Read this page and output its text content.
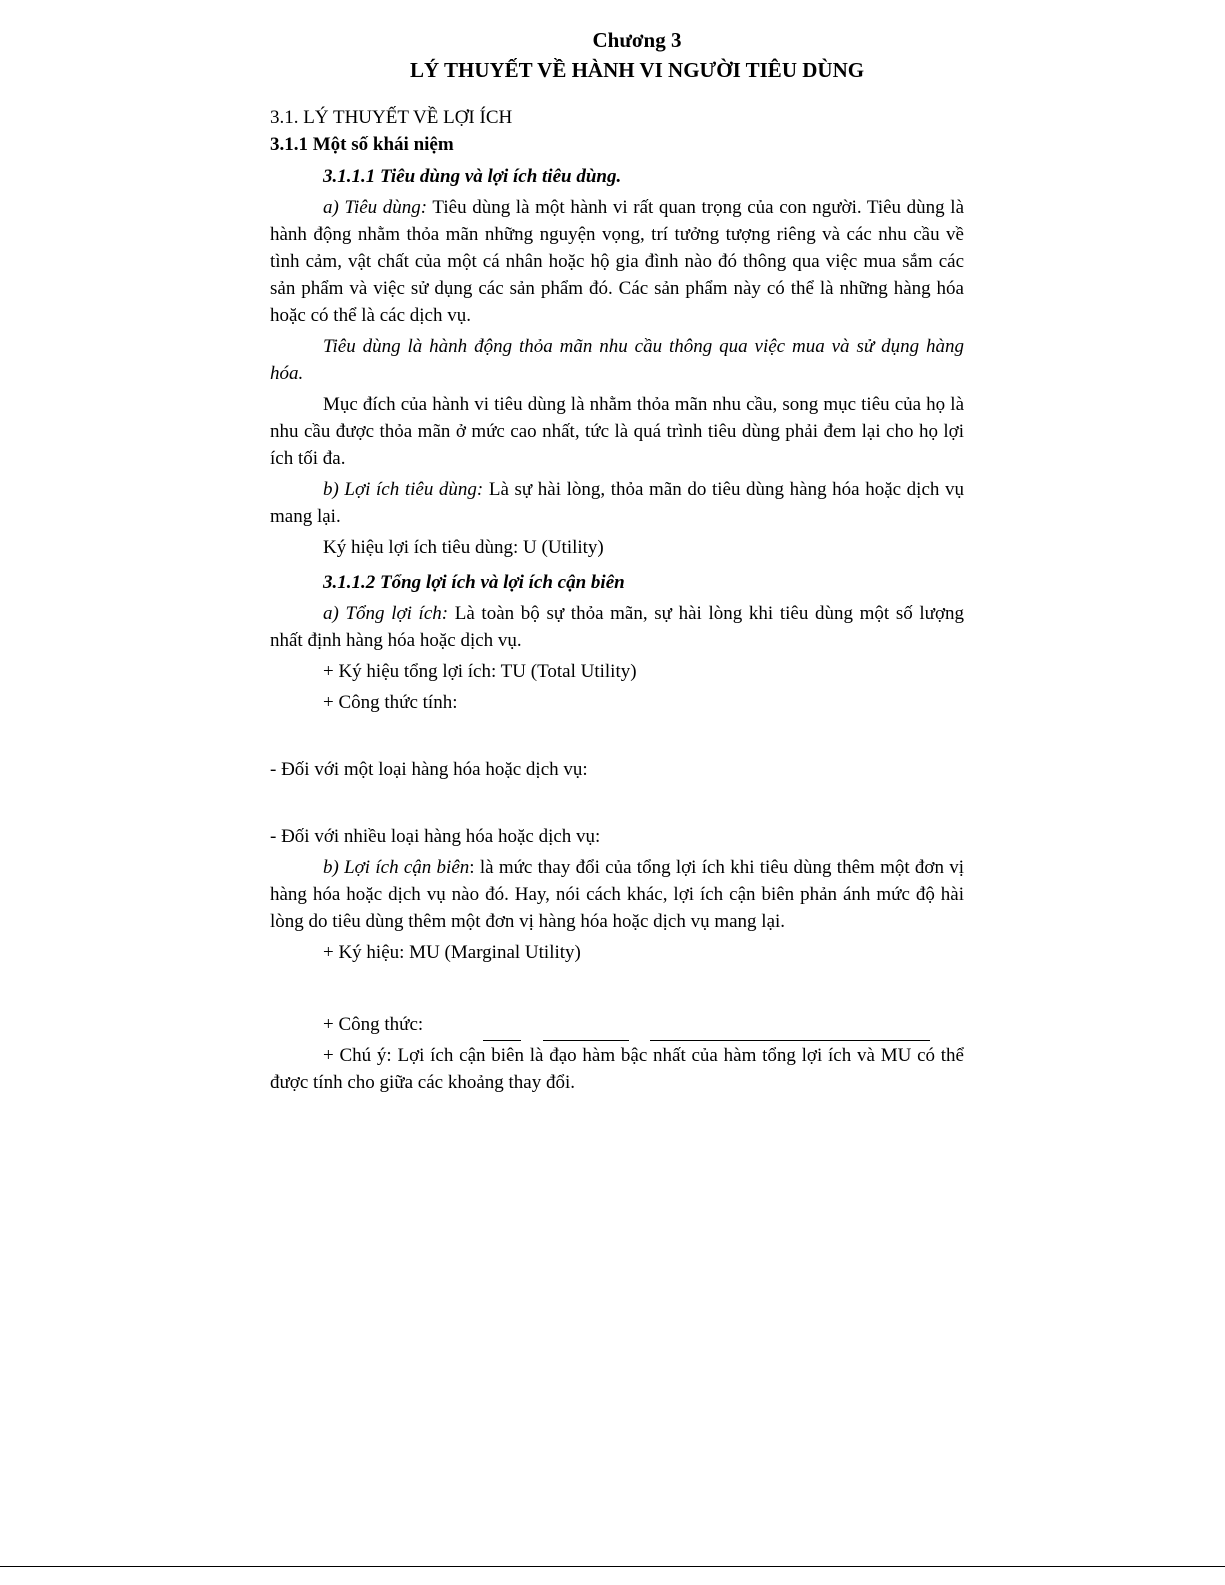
Chương 3
LÝ THUYẾT VỀ HÀNH VI NGƯỜI TIÊU DÙNG
3.1. LÝ THUYẾT VỀ LỢI ÍCH
3.1.1 Một số khái niệm

3.1.1.1 Tiêu dùng và lợi ích tiêu dùng.

a) Tiêu dùng: Tiêu dùng là một hành vi rất quan trọng của con người. Tiêu dùng là hành động nhằm thỏa mãn những nguyện vọng, trí tưởng tượng riêng và các nhu cầu về tình cảm, vật chất của một cá nhân hoặc hộ gia đình nào đó thông qua việc mua sắm các sản phẩm và việc sử dụng các sản phẩm đó. Các sản phẩm này có thể là những hàng hóa hoặc có thể là các dịch vụ.

Tiêu dùng là hành động thỏa mãn nhu cầu thông qua việc mua và sử dụng hàng hóa.

Mục đích của hành vi tiêu dùng là nhằm thỏa mãn nhu cầu, song mục tiêu của họ là nhu cầu được thỏa mãn ở mức cao nhất, tức là quá trình tiêu dùng phải đem lại cho họ lợi ích tối đa.

b) Lợi ích tiêu dùng: Là sự hài lòng, thỏa mãn do tiêu dùng hàng hóa hoặc dịch vụ mang lại.

Ký hiệu lợi ích tiêu dùng: U (Utility)

3.1.1.2 Tổng lợi ích và lợi ích cận biên

a) Tổng lợi ích: Là toàn bộ sự thỏa mãn, sự hài lòng khi tiêu dùng một số lượng nhất định hàng hóa hoặc dịch vụ.

+ Ký hiệu tổng lợi ích: TU (Total Utility)

+ Công thức tính:

- Đối với một loại hàng hóa hoặc dịch vụ:

- Đối với nhiều loại hàng hóa hoặc dịch vụ:

b) Lợi ích cận biên: là mức thay đổi của tổng lợi ích khi tiêu dùng thêm một đơn vị hàng hóa hoặc dịch vụ nào đó. Hay, nói cách khác, lợi ích cận biên phản ánh mức độ hài lòng do tiêu dùng thêm một đơn vị hàng hóa hoặc dịch vụ mang lại.

+ Ký hiệu: MU (Marginal Utility)

+ Công thức:

+ Chú ý: Lợi ích cận biên là đạo hàm bậc nhất của hàm tổng lợi ích và MU có thể được tính cho giữa các khoảng thay đổi.
